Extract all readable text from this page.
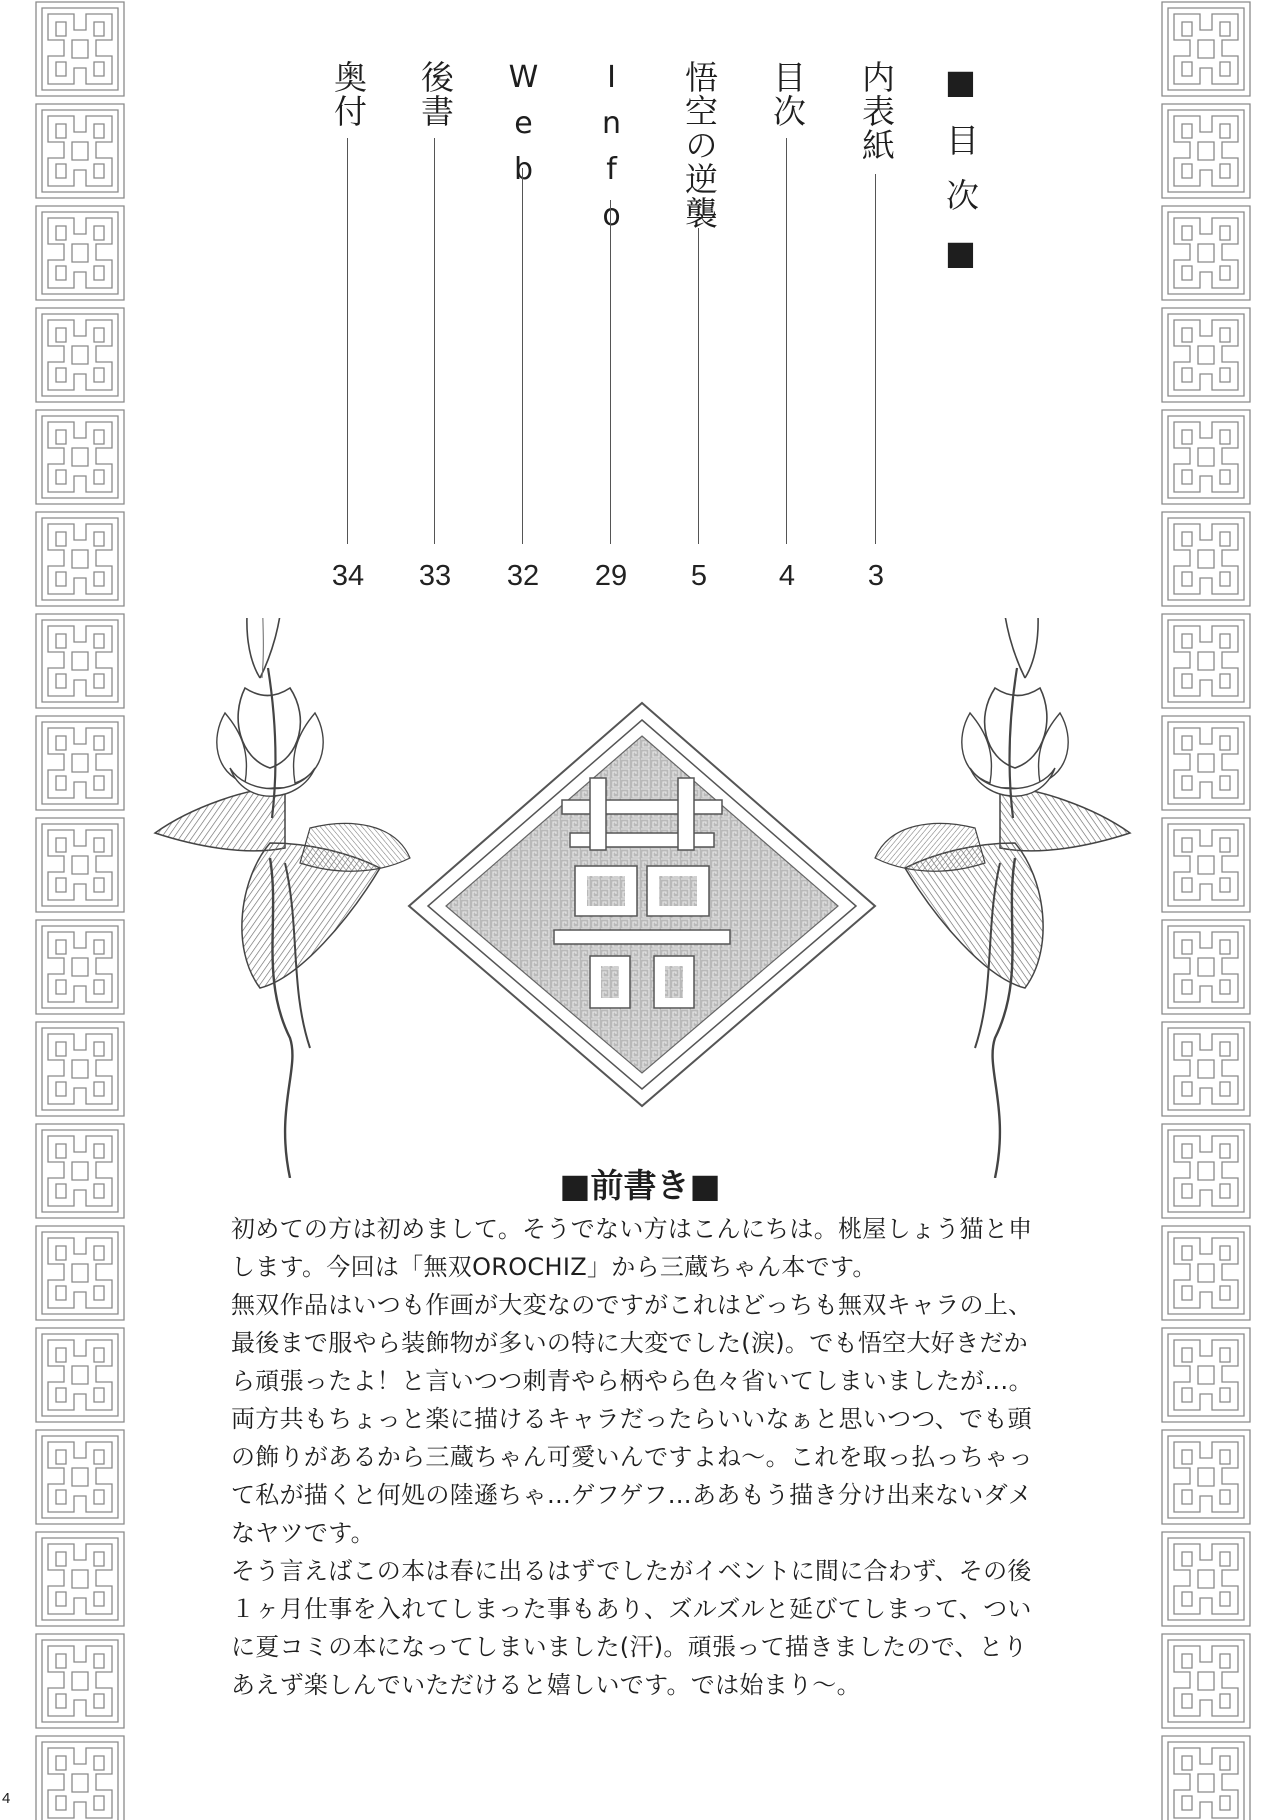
■目次■
内表紙
3
目次
4
悟空の逆襲
5
Info
29
Web
32
後書
33
奥付
34
■前書き■
初めての方は初めまして。そうでない方はこんにちは。桃屋しょう猫と申
します。今回は「無双OROCHIZ」から三蔵ちゃん本です。
無双作品はいつも作画が大変なのですがこれはどっちも無双キャラの上、
最後まで服やら装飾物が多いの特に大変でした(涙)。でも悟空大好きだか
ら頑張ったよ！と言いつつ刺青やら柄やら色々省いてしまいましたが…。
両方共もちょっと楽に描けるキャラだったらいいなぁと思いつつ、でも頭
の飾りがあるから三蔵ちゃん可愛いんですよね〜。これを取っ払っちゃっ
て私が描くと何処の陸遜ちゃ…ゲフゲフ…ああもう描き分け出来ないダメ
なヤツです。
そう言えばこの本は春に出るはずでしたがイベントに間に合わず、その後
１ヶ月仕事を入れてしまった事もあり、ズルズルと延びてしまって、つい
に夏コミの本になってしまいました(汗)。頑張って描きましたので、とり
あえず楽しんでいただけると嬉しいです。では始まり〜。
4
